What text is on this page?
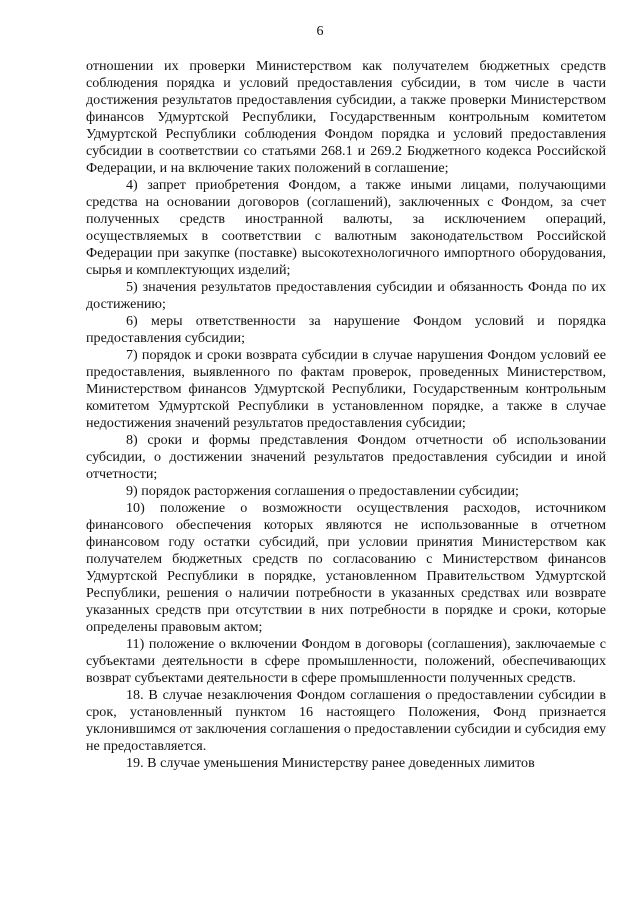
6

отношении их проверки Министерством как получателем бюджетных средств соблюдения порядка и условий предоставления субсидии, в том числе в части достижения результатов предоставления субсидии, а также проверки Министерством финансов Удмуртской Республики, Государственным контрольным комитетом Удмуртской Республики соблюдения Фондом порядка и условий предоставления субсидии в соответствии со статьями 268.1 и 269.2 Бюджетного кодекса Российской Федерации, и на включение таких положений в соглашение;

4) запрет приобретения Фондом, а также иными лицами, получающими средства на основании договоров (соглашений), заключенных с Фондом, за счет полученных средств иностранной валюты, за исключением операций, осуществляемых в соответствии с валютным законодательством Российской Федерации при закупке (поставке) высокотехнологичного импортного оборудования, сырья и комплектующих изделий;

5) значения результатов предоставления субсидии и обязанность Фонда по их достижению;

6) меры ответственности за нарушение Фондом условий и порядка предоставления субсидии;

7) порядок и сроки возврата субсидии в случае нарушения Фондом условий ее предоставления, выявленного по фактам проверок, проведенных Министерством, Министерством финансов Удмуртской Республики, Государственным контрольным комитетом Удмуртской Республики в установленном порядке, а также в случае недостижения значений результатов предоставления субсидии;

8) сроки и формы представления Фондом отчетности об использовании субсидии, о достижении значений результатов предоставления субсидии и иной отчетности;

9) порядок расторжения соглашения о предоставлении субсидии;

10) положение о возможности осуществления расходов, источником финансового обеспечения которых являются не использованные в отчетном финансовом году остатки субсидий, при условии принятия Министерством как получателем бюджетных средств по согласованию с Министерством финансов Удмуртской Республики в порядке, установленном Правительством Удмуртской Республики, решения о наличии потребности в указанных средствах или возврате указанных средств при отсутствии в них потребности в порядке и сроки, которые определены правовым актом;

11) положение о включении Фондом в договоры (соглашения), заключаемые с субъектами деятельности в сфере промышленности, положений, обеспечивающих возврат субъектами деятельности в сфере промышленности полученных средств.

18. В случае незаключения Фондом соглашения о предоставлении субсидии в срок, установленный пунктом 16 настоящего Положения, Фонд признается уклонившимся от заключения соглашения о предоставлении субсидии и субсидия ему не предоставляется.

19. В случае уменьшения Министерству ранее доведенных лимитов
